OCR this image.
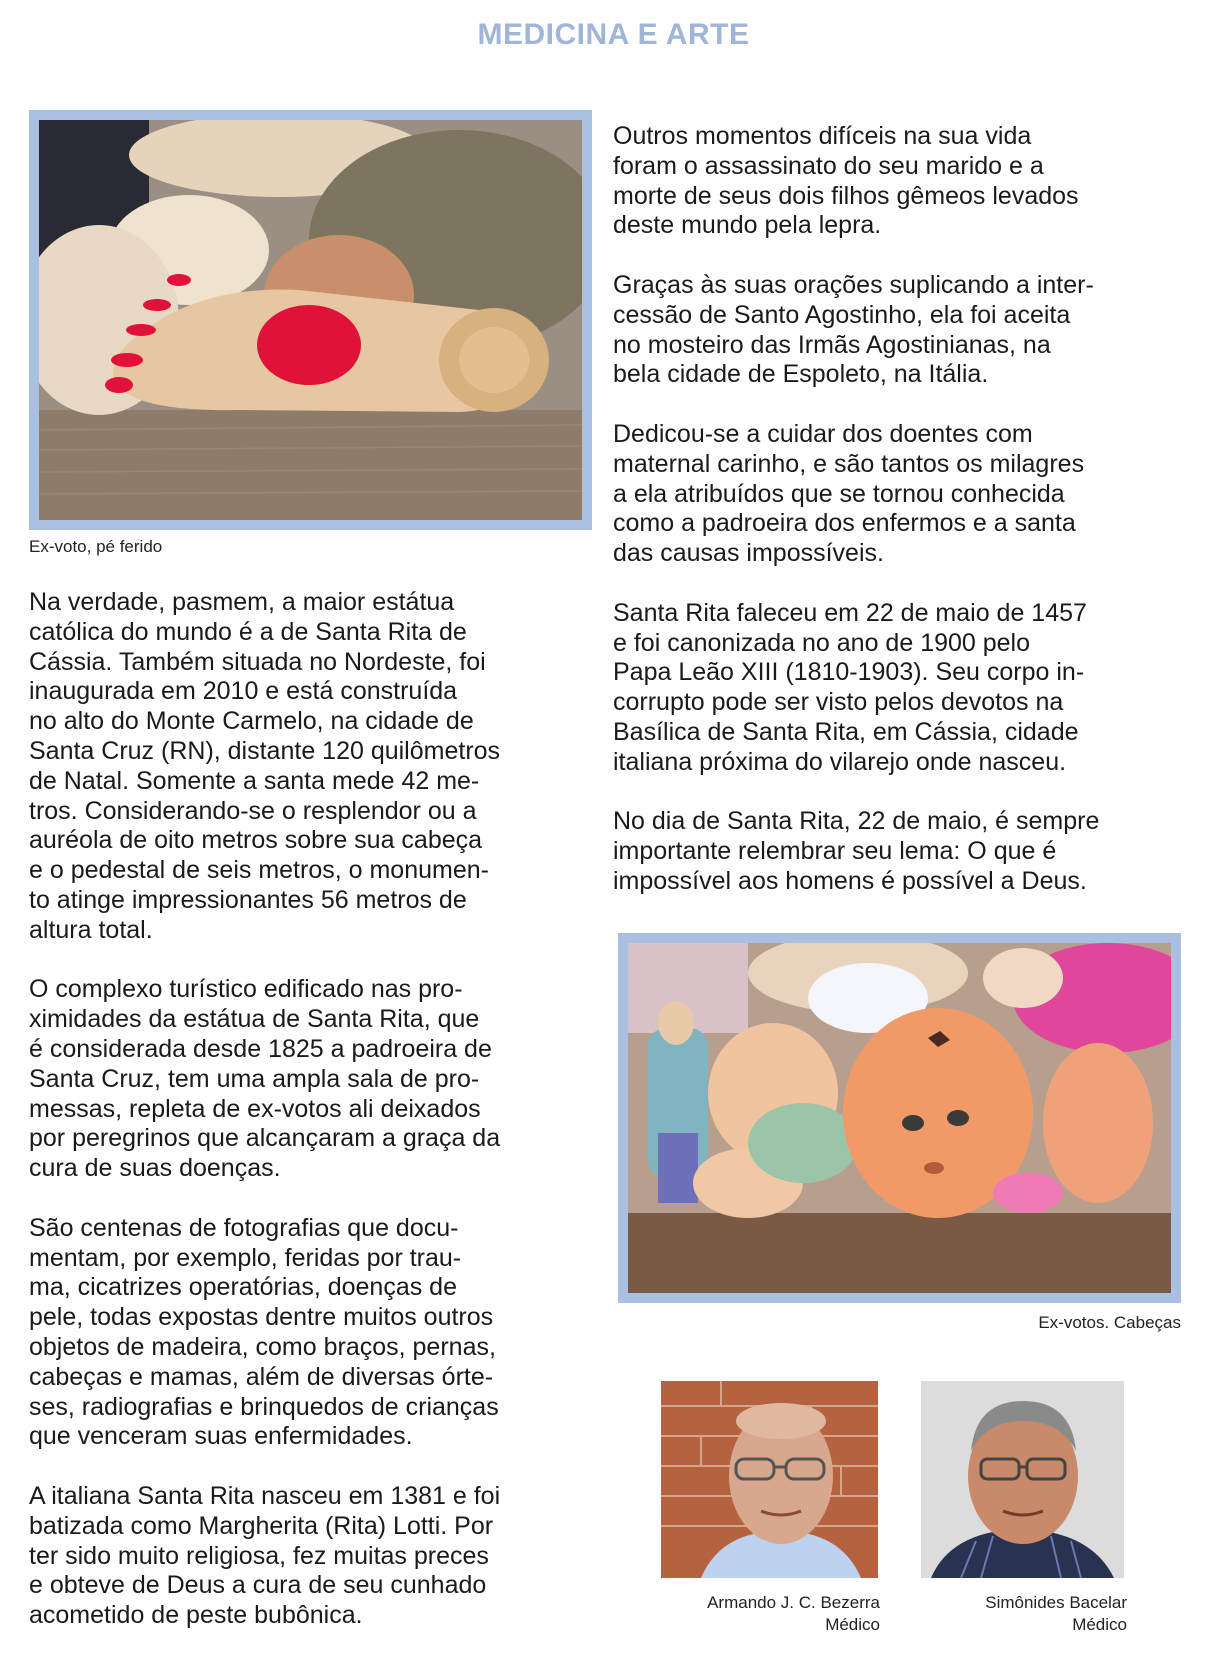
MEDICINA E ARTE
Ex-voto, pé ferido

Na verdade, pasmem, a maior estátua
católica do mundo é a de Santa Rita de
Cássia. Também situada no Nordeste, foi
inaugurada em 2010 e está construída
no alto do Monte Carmelo, na cidade de
Santa Cruz (RN), distante 120 quilômetros
de Natal. Somente a santa mede 42 me-
tros. Considerando-se o resplendor ou a
auréola de oito metros sobre sua cabeça
e o pedestal de seis metros, o monumen-
to atinge impressionantes 56 metros de
altura total.

O complexo turístico edificado nas pro-
ximidades da estátua de Santa Rita, que
é considerada desde 1825 a padroeira de
Santa Cruz, tem uma ampla sala de pro-
messas, repleta de ex-votos ali deixados
por peregrinos que alcançaram a graça da
cura de suas doenças.

São centenas de fotografias que docu-
mentam, por exemplo, feridas por trau-
ma, cicatrizes operatórias, doenças de
pele, todas expostas dentre muitos outros
objetos de madeira, como braços, pernas,
cabeças e mamas, além de diversas órte-
ses, radiografias e brinquedos de crianças
que venceram suas enfermidades.

A italiana Santa Rita nasceu em 1381 e foi
batizada como Margherita (Rita) Lotti. Por
ter sido muito religiosa, fez muitas preces
e obteve de Deus a cura de seu cunhado
acometido de peste bubônica.

Outros momentos difíceis na sua vida
foram o assassinato do seu marido e a
morte de seus dois filhos gêmeos levados
deste mundo pela lepra.

Graças às suas orações suplicando a inter-
cessão de Santo Agostinho, ela foi aceita
no mosteiro das Irmãs Agostinianas, na
bela cidade de Espoleto, na Itália.

Dedicou-se a cuidar dos doentes com
maternal carinho, e são tantos os milagres
a ela atribuídos que se tornou conhecida
como a padroeira dos enfermos e a santa
das causas impossíveis.

Santa Rita faleceu em 22 de maio de 1457
e foi canonizada no ano de 1900 pelo
Papa Leão XIII (1810-1903). Seu corpo in-
corrupto pode ser visto pelos devotos na
Basílica de Santa Rita, em Cássia, cidade
italiana próxima do vilarejo onde nasceu.

No dia de Santa Rita, 22 de maio, é sempre
importante relembrar seu lema: O que é
impossível aos homens é possível a Deus.

Ex-votos. Cabeças
Armando J. C. Bezerra
Médico
Simônides Bacelar
Médico
